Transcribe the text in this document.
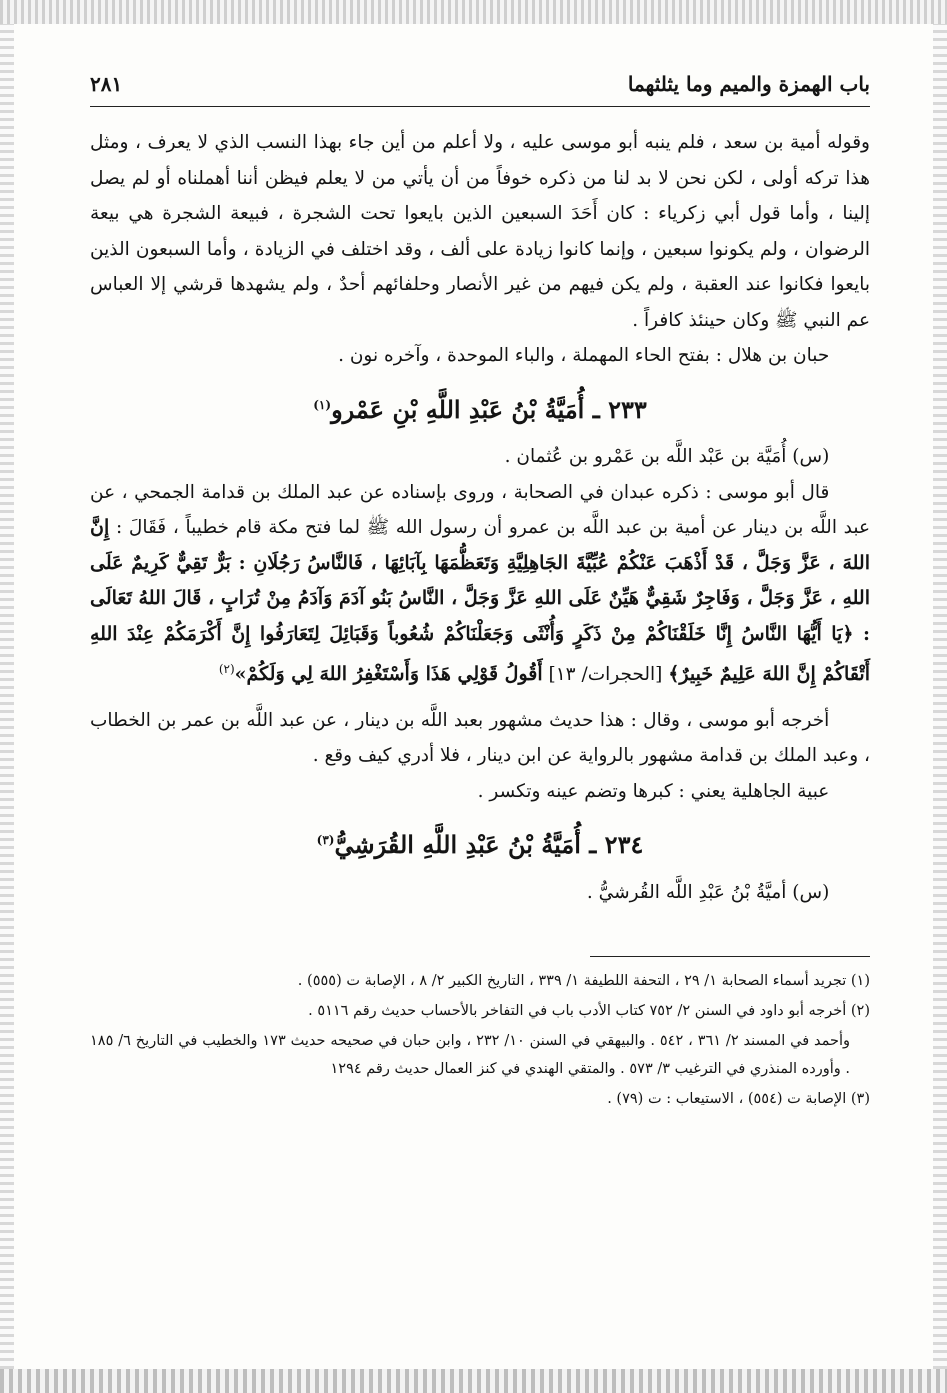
باب الهمزة والميم وما يثلثهما
٢٨١

وقوله أمية بن سعد ، فلم ينبه أبو موسى عليه ، ولا أعلم من أين جاء بهذا النسب الذي لا يعرف ، ومثل هذا تركه أولى ، لكن نحن لا بد لنا من ذكره خوفاً من أن يأتي من لا يعلم فيظن أننا أهملناه أو لم يصل إلينا ، وأما قول أبي زكرياء : كان أَحَدَ السبعين الذين بايعوا تحت الشجرة ، فبيعة الشجرة هي بيعة الرضوان ، ولم يكونوا سبعين ، وإنما كانوا زيادة على ألف ، وقد اختلف في الزيادة ، وأما السبعون الذين بايعوا فكانوا عند العقبة ، ولم يكن فيهم من غير الأنصار وحلفائهم أحدٌ ، ولم يشهدها قرشي إلا العباس عم النبي ﷺ وكان حينئذ كافراً .

حبان بن هلال : بفتح الحاء المهملة ، والباء الموحدة ، وآخره نون .

٢٣٣ ـ أُمَيَّةُ بْنُ عَبْدِ اللَّهِ بْنِ عَمْرو$^{(١)}$

(س) أُمَيَّة بن عَبْد اللَّه بن عَمْرو بن عُثمان .

قال أبو موسى : ذكره عبدان في الصحابة ، وروى بإسناده عن عبد الملك بن قدامة الجمحي ، عن عبد اللَّه بن دينار عن أمية بن عبد اللَّه بن عمرو أن رسول الله ﷺ لما فتح مكة قام خطيباً ، فَقَالَ : إِنَّ اللهَ ، عَزَّ وَجَلَّ ، قَدْ أَذْهَبَ عَنْكُمْ عُبِّيَّةَ الجَاهِلِيَّةِ وَتَعَظُّمَهَا بِآبَائِهَا ، فَالنَّاسُ رَجُلَانِ : بَرٌّ تَقِيٌّ كَرِيمٌ عَلَى اللهِ ، عَزَّ وَجَلَّ ، وَفَاجِرٌ شَقِيٌّ هَيِّنٌ عَلَى اللهِ عَزَّ وَجَلَّ ، النَّاسُ بَنُو آدَمَ وَآدَمُ مِنْ تُرَابٍ ، قَالَ اللهُ تَعَالَى : ﴿يَا أَيُّهَا النَّاسُ إِنَّا خَلَقْنَاكُمْ مِنْ ذَكَرٍ وَأُنْثَى وَجَعَلْنَاكُمْ شُعُوباً وَقَبَائِلَ لِتَعَارَفُوا إِنَّ أَكْرَمَكُمْ عِنْدَ اللهِ أَتْقَاكُمْ إِنَّ اللهَ عَلِيمٌ خَبِيرٌ﴾ [الحجرات/ ١٣] أَقُولُ قَوْلِي هَذَا وَأَسْتَغْفِرُ اللهَ لِي وَلَكُمْ»$^{(٢)}$

أخرجه أبو موسى ، وقال : هذا حديث مشهور بعبد اللَّه بن دينار ، عن عبد اللَّه بن عمر بن الخطاب ، وعبد الملك بن قدامة مشهور بالرواية عن ابن دينار ، فلا أدري كيف وقع .

عبية الجاهلية يعني : كبرها وتضم عينه وتكسر .

٢٣٤ ـ أُمَيَّةُ بْنُ عَبْدِ اللَّهِ القُرَشِيُّ$^{(٣)}$

(س) أميَّةُ بْنُ عَبْدِ اللَّه القُرشيُّ .

(١) تجريد أسماء الصحابة ١/ ٢٩ ، التحفة اللطيفة ١/ ٣٣٩ ، التاريخ الكبير ٢/ ٨ ، الإصابة ت (٥٥٥) .

(٢) أخرجه أبو داود في السنن ٢/ ٧٥٢ كتاب الأدب باب في التفاخر بالأحساب حديث رقم ٥١١٦ .

وأحمد في المسند ٢/ ٣٦١ ، ٥٤٢ . والبيهقي في السنن ١٠/ ٢٣٢ ، وابن حبان في صحيحه حديث ١٧٣ والخطيب في التاريخ ٦/ ١٨٥ . وأورده المنذري في الترغيب ٣/ ٥٧٣ . والمتقي الهندي في كنز العمال حديث رقم ١٢٩٤

(٣) الإصابة ت (٥٥٤) ، الاستيعاب : ت (٧٩) .
